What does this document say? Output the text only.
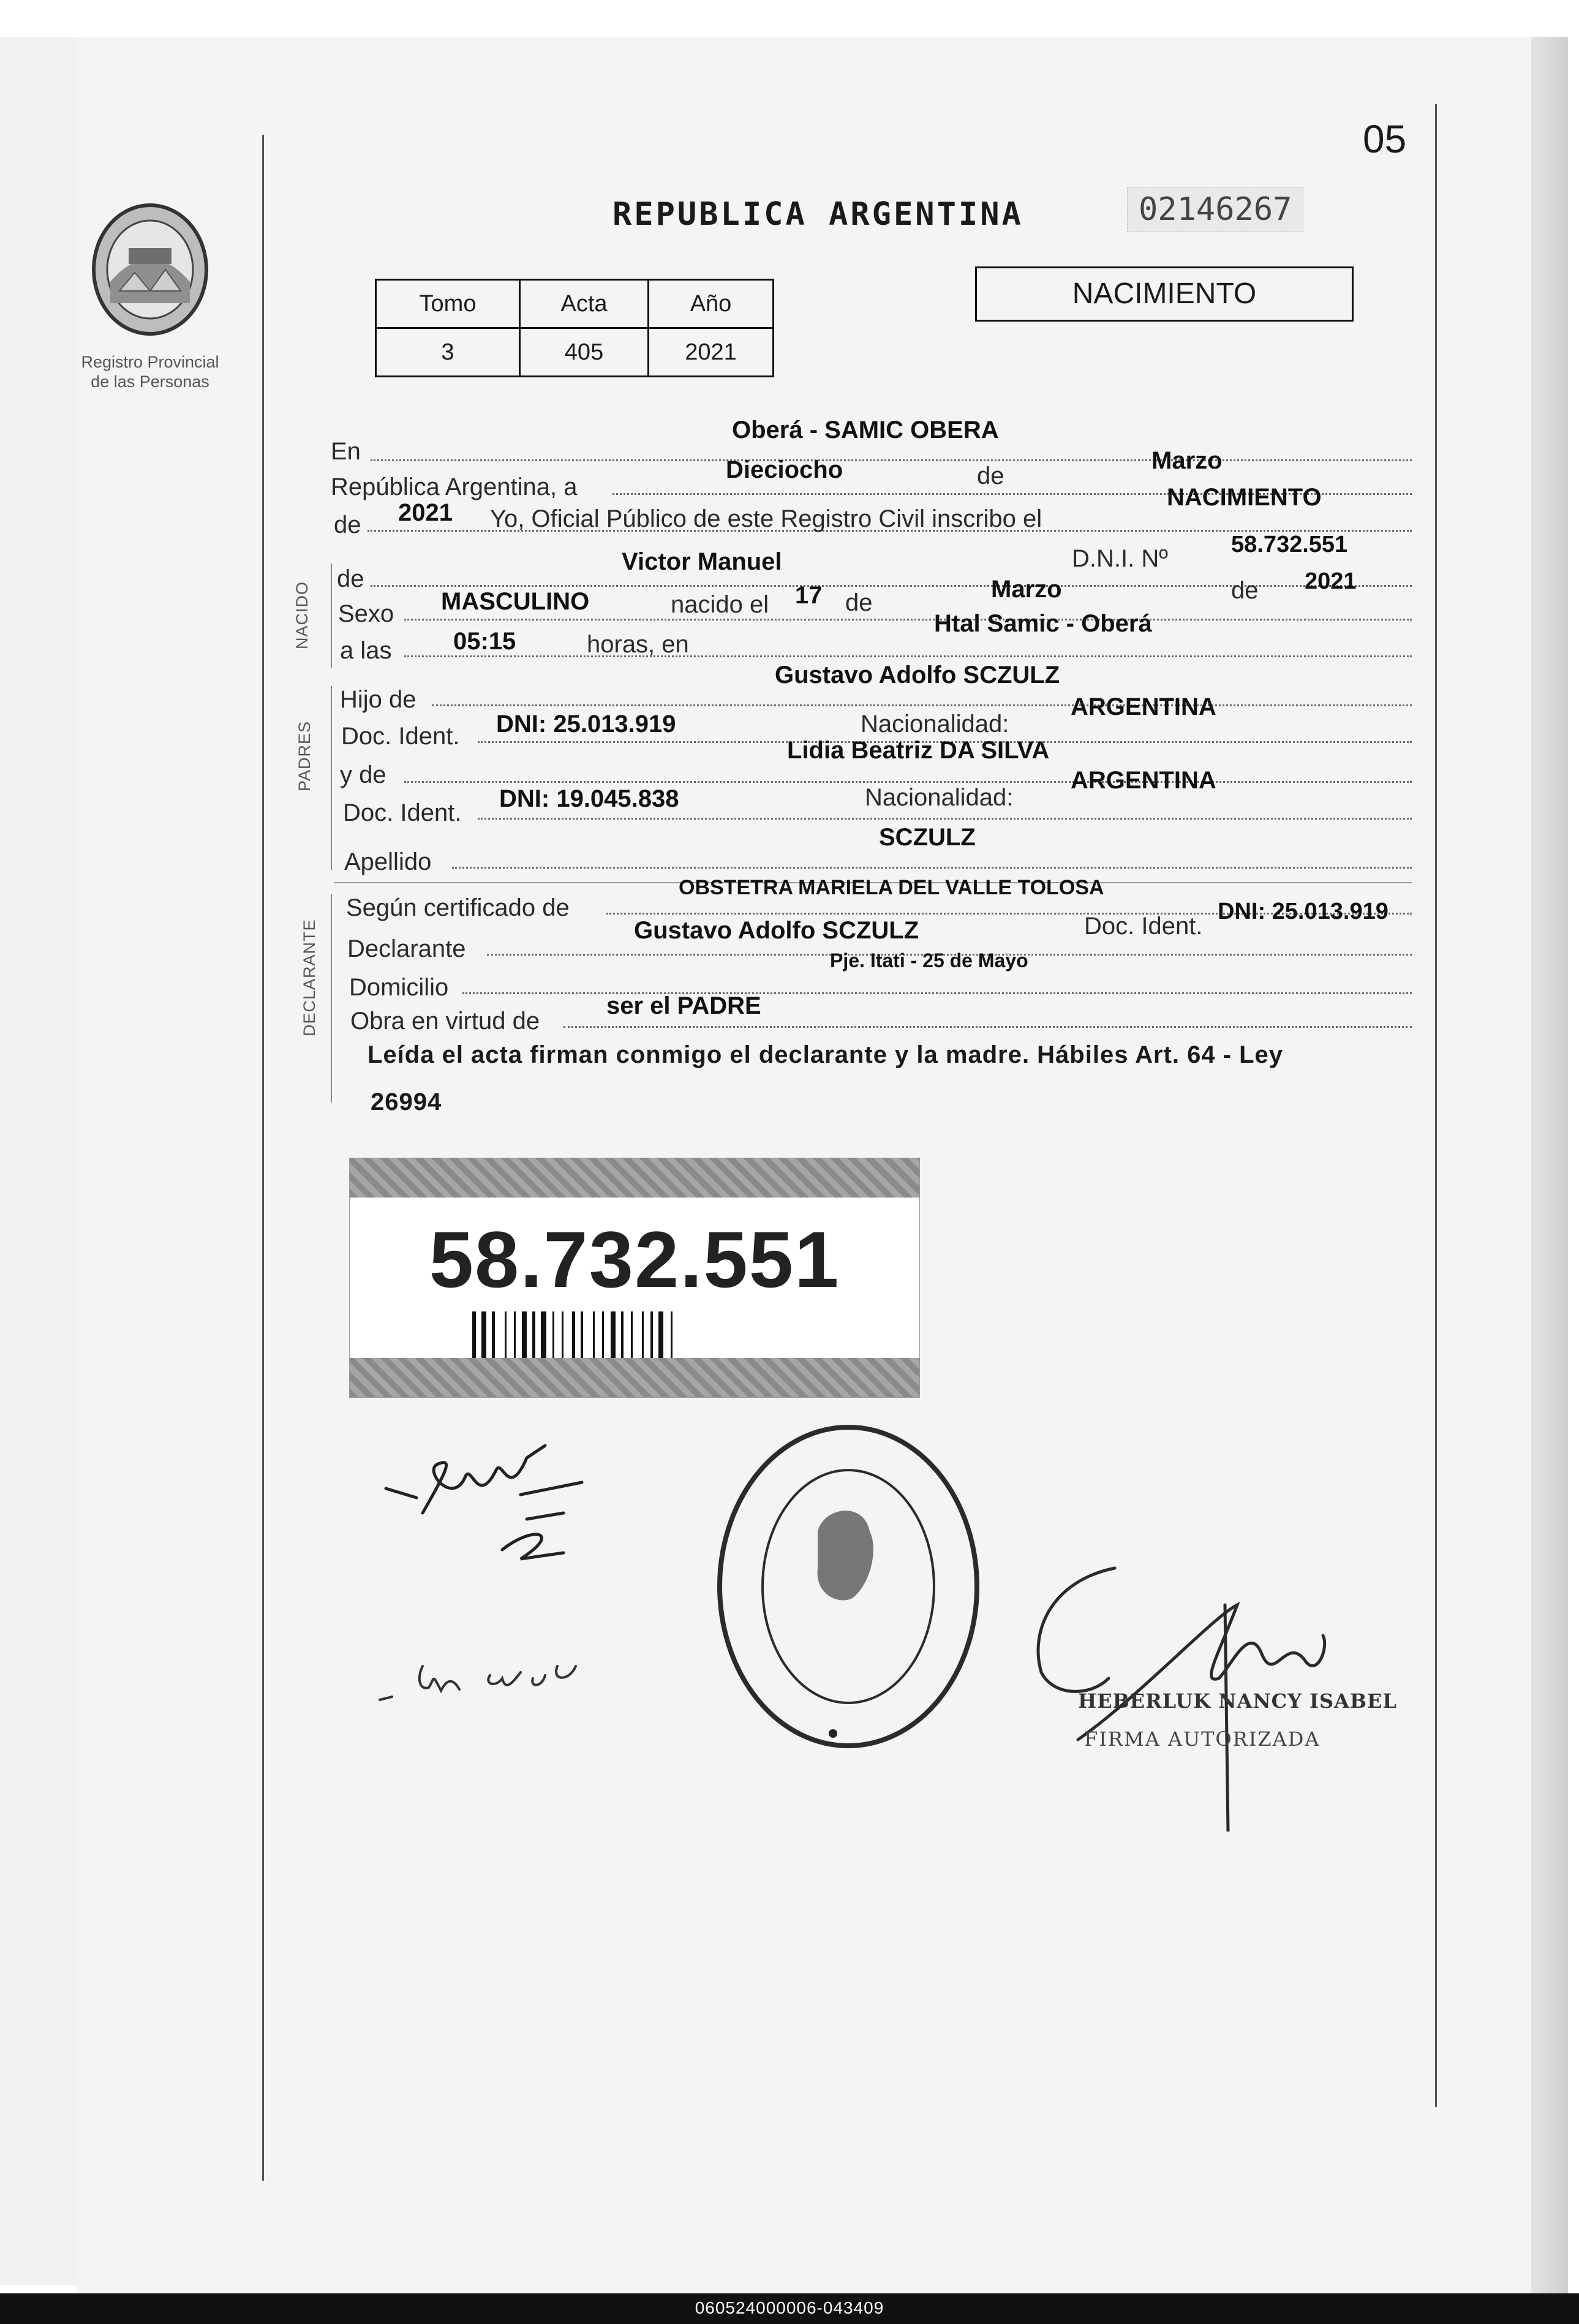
05
Registro Provincial
de las Personas
REPUBLICA ARGENTINA	02146267
Tomo	Acta	Año
3	405	2021
NACIMIENTO
En
Oberá - SAMIC OBERA
República Argentina, a
Dieciocho	de
Marzo
de 2021 Yo, Oficial Público de este Registro Civil inscribo el
NACIMIENTO
NACIDO
de
Victor Manuel	D.N.I. Nº
58.732.551
Sexo MASCULINO	nacido el 17 de	Marzo	de 2021
a las	05:15	horas, en
Htal Samic - Oberá
PADRES
Hijo de
Gustavo Adolfo SCZULZ
Doc. Ident. DNI: 25.013.919	Nacionalidad:
ARGENTINA
y de
Lidia Beatriz DA SILVA
Doc. Ident.
DNI: 19.045.838	Nacionalidad:
ARGENTINA
Apellido
SCZULZ
DECLARANTE
Según certificado de
OBSTETRA MARIELA DEL VALLE TOLOSA
Declarante
Gustavo Adolfo SCZULZ	Doc. Ident.
DNI: 25.013.919
Domicilio
Pje. Itati - 25 de Mayo
Obra en virtud de
ser el PADRE
Leída el acta firman conmigo el declarante y la madre. Hábiles Art. 64 - Ley
26994
58.732.551
HEBERLUK NANCY ISABEL
FIRMA AUTORIZADA
060524000006-043409
